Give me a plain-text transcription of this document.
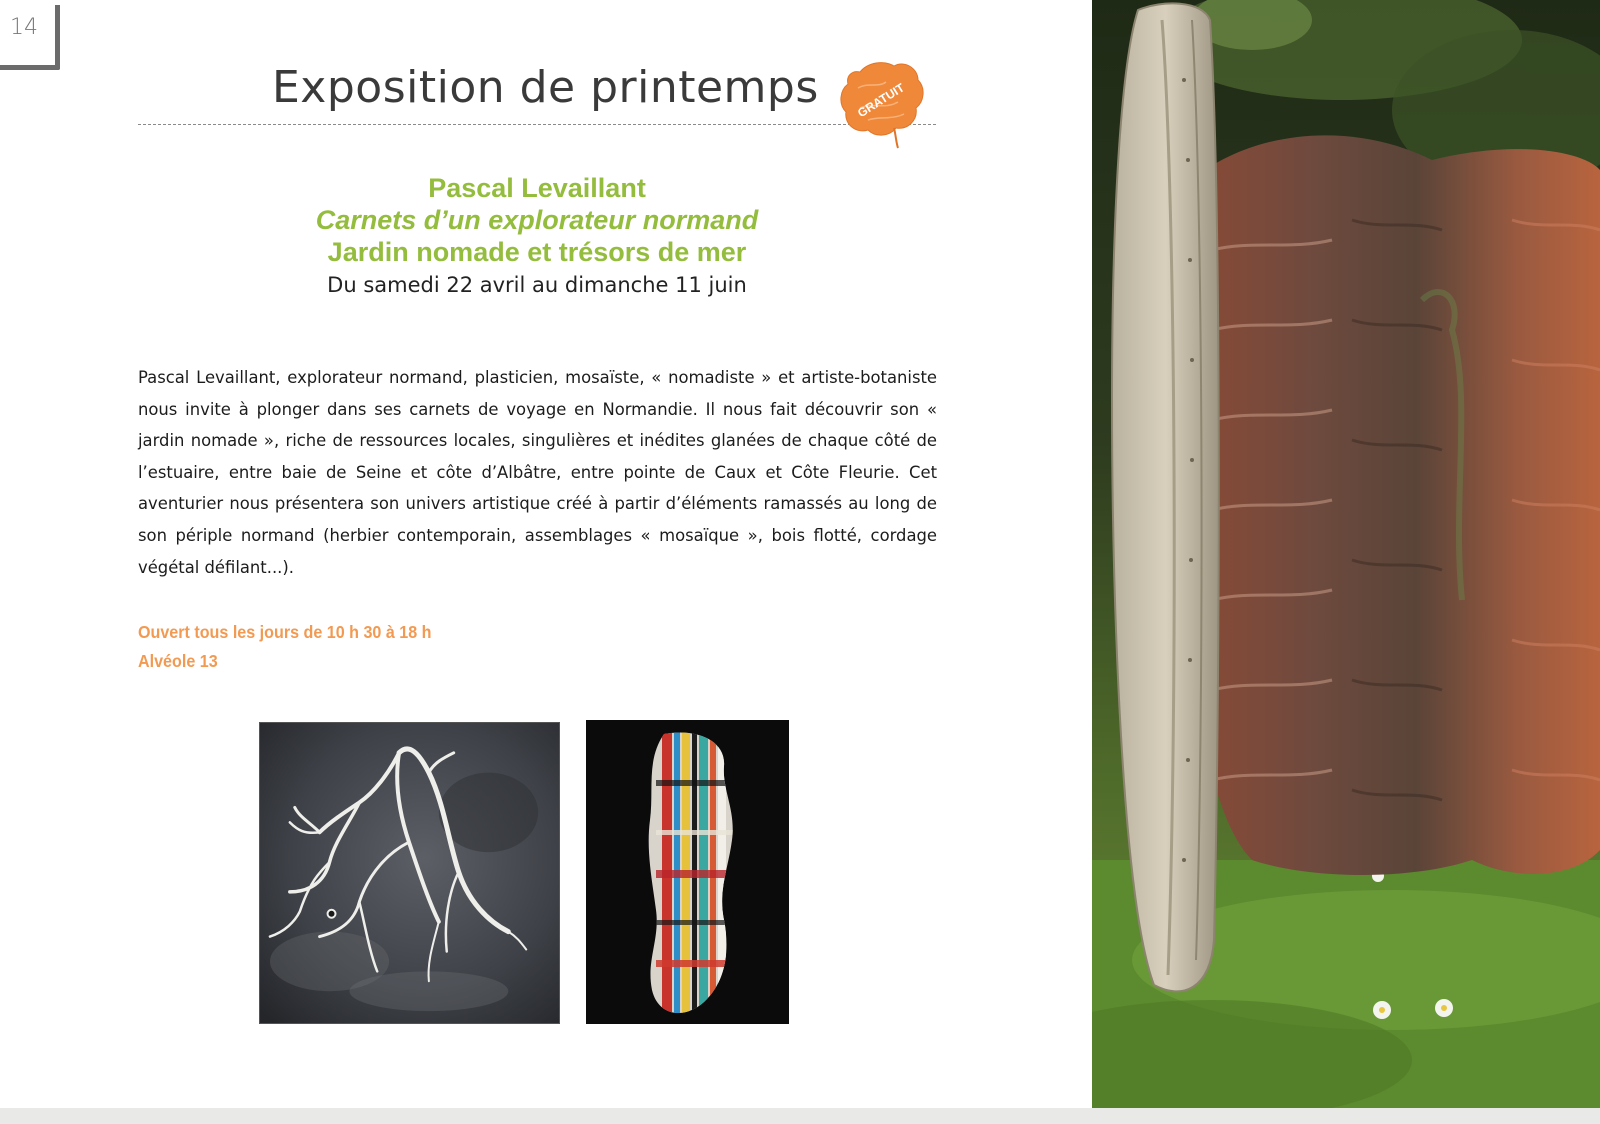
14
Exposition de printemps	GRATUIT
Pascal Levaillant
Carnets d’un explorateur normand
Jardin nomade et trésors de mer
Du samedi 22 avril au dimanche 11 juin
Pascal Levaillant, explorateur normand, plasticien, mosaïste, « nomadiste » et artiste-botaniste nous invite à plonger dans ses carnets de voyage en Normandie. Il nous fait découvrir son « jardin nomade », riche de ressources locales, singulières et inédites glanées de chaque côté de l’estuaire, entre baie de Seine et côte d’Albâtre, entre pointe de Caux et Côte Fleurie. Cet aventurier nous présentera son univers artistique créé à partir d’éléments ramassés au long de son périple normand (herbier contemporain, assemblages « mosaïque », bois flotté, cordage végétal défilant...).
Ouvert tous les jours de 10 h 30 à 18 h
Alvéole 13
